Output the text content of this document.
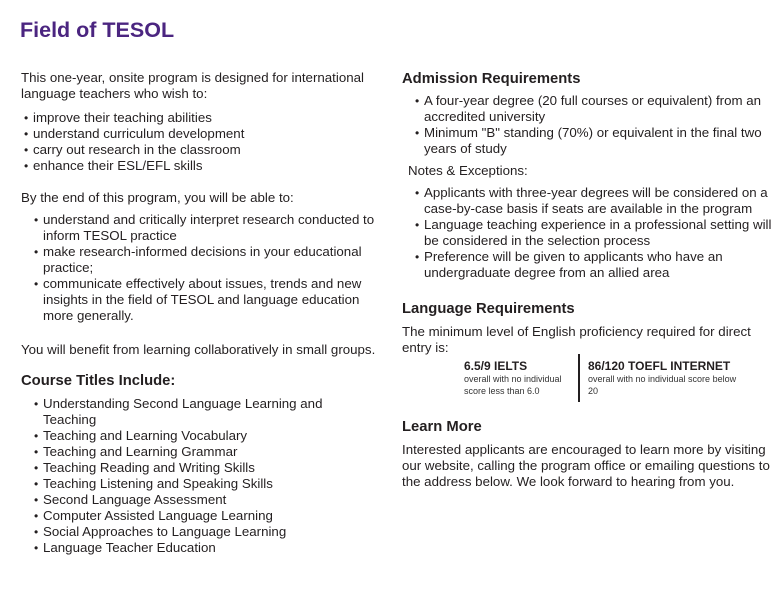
Field of TESOL

This one-year, onsite program is designed for international language teachers who wish to:

• improve their teaching abilities
• understand curriculum development
• carry out research in the classroom
• enhance their ESL/EFL skills

By the end of this program, you will be able to:

• understand and critically interpret research conducted to inform TESOL practice
• make research-informed decisions in your educational practice;
• communicate effectively about issues, trends and new insights in the field of TESOL and language education more generally.

You will benefit from learning collaboratively in small groups.

Course Titles Include:
• Understanding Second Language Learning and Teaching
• Teaching and Learning Vocabulary
• Teaching and Learning Grammar
• Teaching Reading and Writing Skills
• Teaching Listening and Speaking Skills
• Second Language Assessment
• Computer Assisted Language Learning
• Social Approaches to Language Learning
• Language Teacher Education
Admission Requirements
• A four-year degree (20 full courses or equivalent) from an accredited university
• Minimum "B" standing (70%) or equivalent in the final two years of study

Notes & Exceptions:

• Applicants with three-year degrees will be considered on a case-by-case basis if seats are available in the program
• Language teaching experience in a professional setting will be considered in the selection process
• Preference will be given to applicants who have an undergraduate degree from an allied area
Language Requirements

The minimum level of English proficiency required for direct entry is:

6.5/9 IELTS
overall with no individual score less than 6.0
86/120 TOEFL INTERNET
overall with no individual score below 20
Learn More

Interested applicants are encouraged to learn more by visiting our website, calling the program office or emailing questions to the address below. We look forward to hearing from you.
